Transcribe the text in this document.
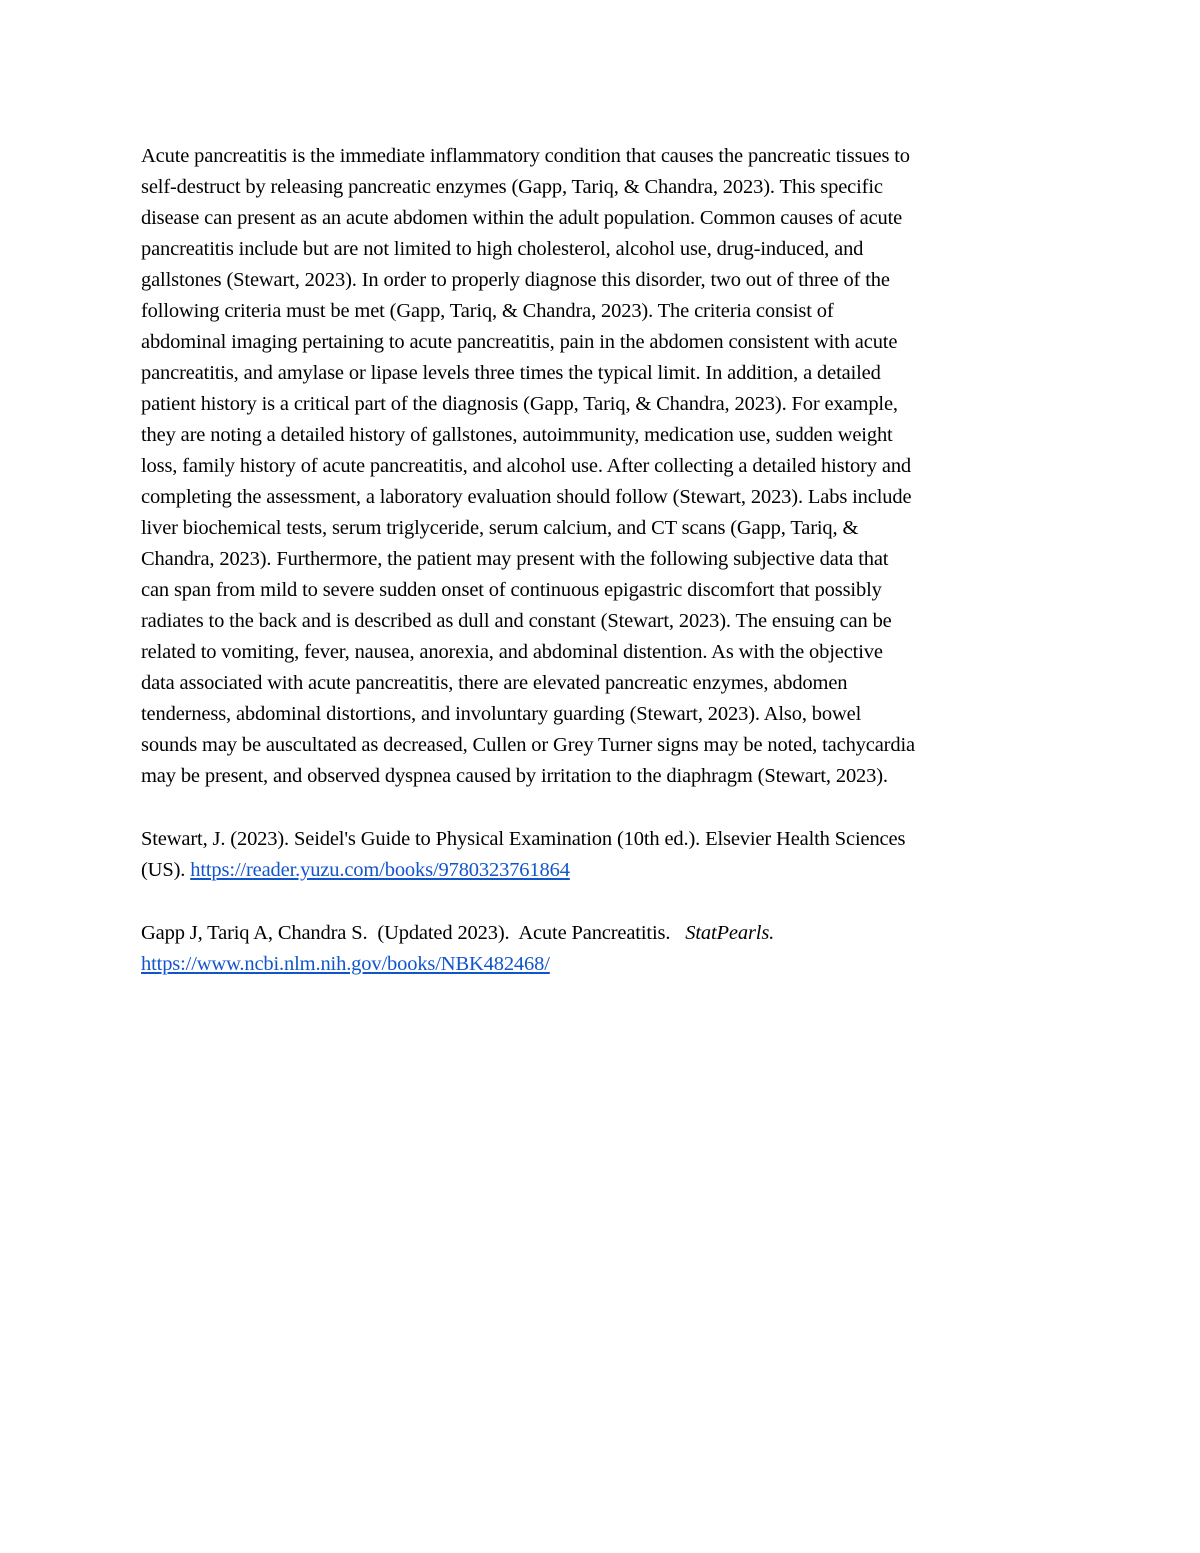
Acute pancreatitis is the immediate inflammatory condition that causes the pancreatic tissues to
self-destruct by releasing pancreatic enzymes (Gapp, Tariq, & Chandra, 2023). This specific
disease can present as an acute abdomen within the adult population. Common causes of acute
pancreatitis include but are not limited to high cholesterol, alcohol use, drug-induced, and
gallstones (Stewart, 2023). In order to properly diagnose this disorder, two out of three of the
following criteria must be met (Gapp, Tariq, & Chandra, 2023). The criteria consist of
abdominal imaging pertaining to acute pancreatitis, pain in the abdomen consistent with acute
pancreatitis, and amylase or lipase levels three times the typical limit. In addition, a detailed
patient history is a critical part of the diagnosis (Gapp, Tariq, & Chandra, 2023). For example,
they are noting a detailed history of gallstones, autoimmunity, medication use, sudden weight
loss, family history of acute pancreatitis, and alcohol use. After collecting a detailed history and
completing the assessment, a laboratory evaluation should follow (Stewart, 2023). Labs include
liver biochemical tests, serum triglyceride, serum calcium, and CT scans (Gapp, Tariq, &
Chandra, 2023). Furthermore, the patient may present with the following subjective data that
can span from mild to severe sudden onset of continuous epigastric discomfort that possibly
radiates to the back and is described as dull and constant (Stewart, 2023). The ensuing can be
related to vomiting, fever, nausea, anorexia, and abdominal distention. As with the objective
data associated with acute pancreatitis, there are elevated pancreatic enzymes, abdomen
tenderness, abdominal distortions, and involuntary guarding (Stewart, 2023). Also, bowel
sounds may be auscultated as decreased, Cullen or Grey Turner signs may be noted, tachycardia
may be present, and observed dyspnea caused by irritation to the diaphragm (Stewart, 2023).

Stewart, J. (2023). Seidel's Guide to Physical Examination (10th ed.). Elsevier Health Sciences
(US). https://reader.yuzu.com/books/9780323761864

Gapp J, Tariq A, Chandra S.  (Updated 2023).  Acute Pancreatitis.   StatPearls.
https://www.ncbi.nlm.nih.gov/books/NBK482468/
